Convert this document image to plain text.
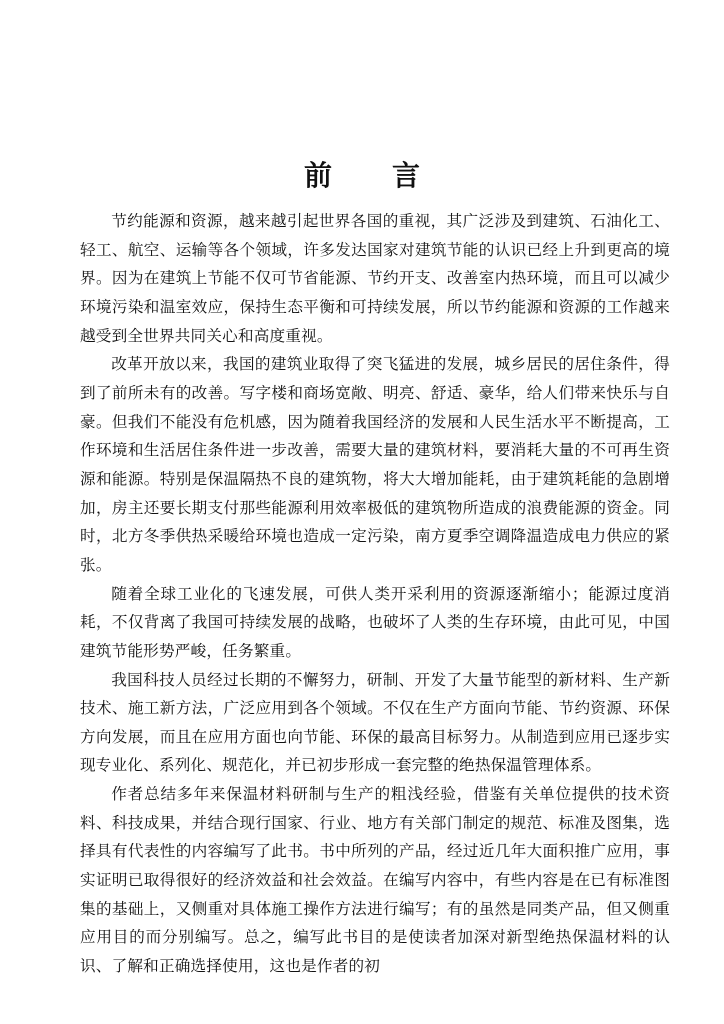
前 言

节约能源和资源，越来越引起世界各国的重视，其广泛涉及到建筑、石油化工、轻工、航空、运输等各个领域，许多发达国家对建筑节能的认识已经上升到更高的境界。因为在建筑上节能不仅可节省能源、节约开支、改善室内热环境，而且可以减少环境污染和温室效应，保持生态平衡和可持续发展，所以节约能源和资源的工作越来越受到全世界共同关心和高度重视。

改革开放以来，我国的建筑业取得了突飞猛进的发展，城乡居民的居住条件，得到了前所未有的改善。写字楼和商场宽敞、明亮、舒适、豪华，给人们带来快乐与自豪。但我们不能没有危机感，因为随着我国经济的发展和人民生活水平不断提高，工作环境和生活居住条件进一步改善，需要大量的建筑材料，要消耗大量的不可再生资源和能源。特别是保温隔热不良的建筑物，将大大增加能耗，由于建筑耗能的急剧增加，房主还要长期支付那些能源利用效率极低的建筑物所造成的浪费能源的资金。同时，北方冬季供热采暖给环境也造成一定污染，南方夏季空调降温造成电力供应的紧张。

随着全球工业化的飞速发展，可供人类开采利用的资源逐渐缩小；能源过度消耗，不仅背离了我国可持续发展的战略，也破坏了人类的生存环境，由此可见，中国建筑节能形势严峻，任务繁重。

我国科技人员经过长期的不懈努力，研制、开发了大量节能型的新材料、生产新技术、施工新方法，广泛应用到各个领域。不仅在生产方面向节能、节约资源、环保方向发展，而且在应用方面也向节能、环保的最高目标努力。从制造到应用已逐步实现专业化、系列化、规范化，并已初步形成一套完整的绝热保温管理体系。

作者总结多年来保温材料研制与生产的粗浅经验，借鉴有关单位提供的技术资料、科技成果，并结合现行国家、行业、地方有关部门制定的规范、标准及图集，选择具有代表性的内容编写了此书。书中所列的产品，经过近几年大面积推广应用，事实证明已取得很好的经济效益和社会效益。在编写内容中，有些内容是在已有标准图集的基础上，又侧重对具体施工操作方法进行编写；有的虽然是同类产品，但又侧重应用目的而分别编写。总之，编写此书目的是使读者加深对新型绝热保温材料的认识、了解和正确选择使用，这也是作者的初
